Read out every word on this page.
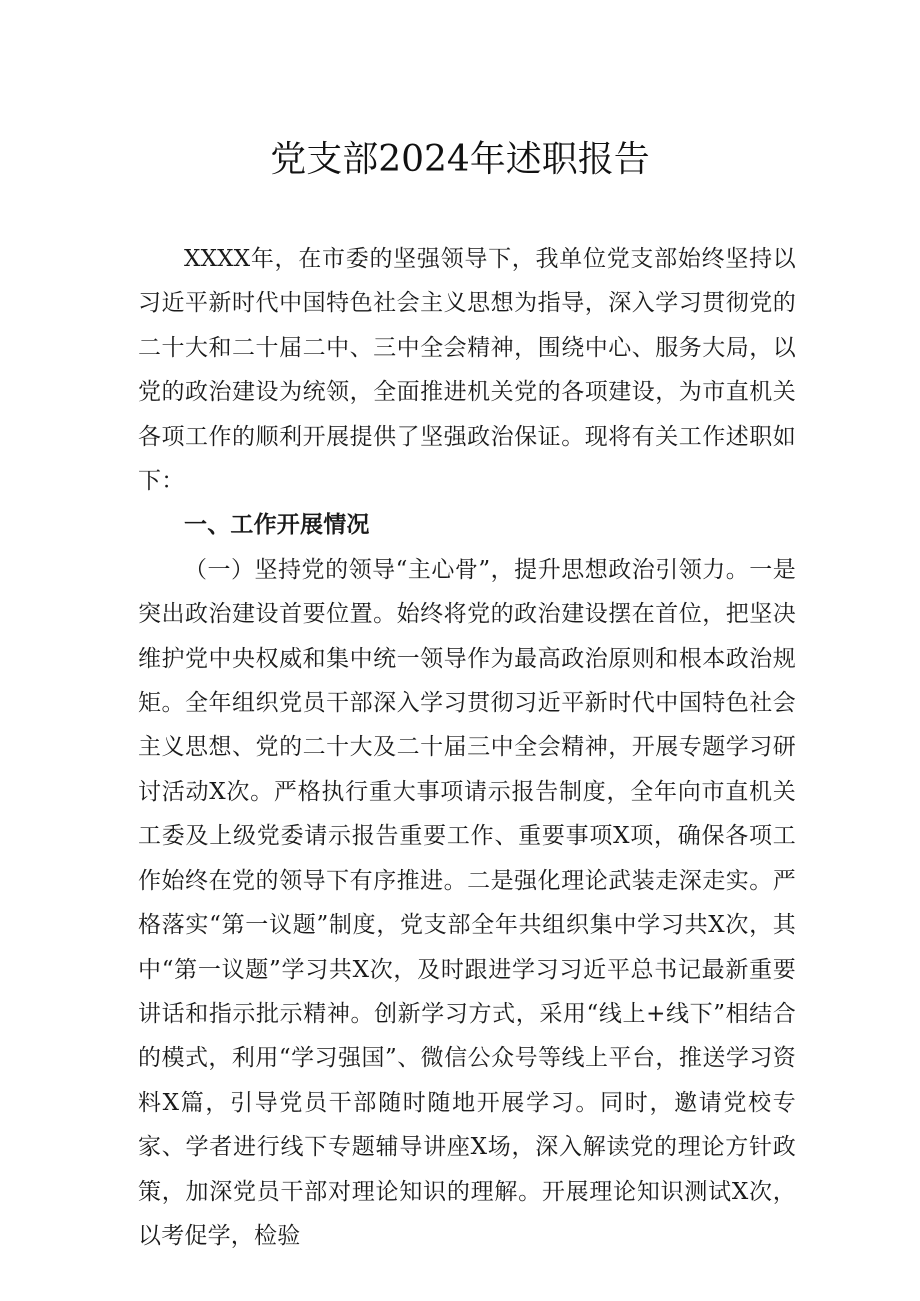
党支部2024年述职报告

XXXX年，在市委的坚强领导下，我单位党支部始终坚持以习近平新时代中国特色社会主义思想为指导，深入学习贯彻党的二十大和二十届二中、三中全会精神，围绕中心、服务大局，以党的政治建设为统领，全面推进机关党的各项建设，为市直机关各项工作的顺利开展提供了坚强政治保证。现将有关工作述职如下：

一、工作开展情况

（一）坚持党的领导“主心骨”，提升思想政治引领力。一是突出政治建设首要位置。始终将党的政治建设摆在首位，把坚决维护党中央权威和集中统一领导作为最高政治原则和根本政治规矩。全年组织党员干部深入学习贯彻习近平新时代中国特色社会主义思想、党的二十大及二十届三中全会精神，开展专题学习研讨活动X次。严格执行重大事项请示报告制度，全年向市直机关工委及上级党委请示报告重要工作、重要事项X项，确保各项工作始终在党的领导下有序推进。二是强化理论武装走深走实。严格落实“第一议题”制度，党支部全年共组织集中学习共X次，其中“第一议题”学习共X次，及时跟进学习习近平总书记最新重要讲话和指示批示精神。创新学习方式，采用“线上+线下”相结合的模式，利用“学习强国”、微信公众号等线上平台，推送学习资料X篇，引导党员干部随时随地开展学习。同时，邀请党校专家、学者进行线下专题辅导讲座X场，深入解读党的理论方针政策，加深党员干部对理论知识的理解。开展理论知识测试X次，以考促学，检验
